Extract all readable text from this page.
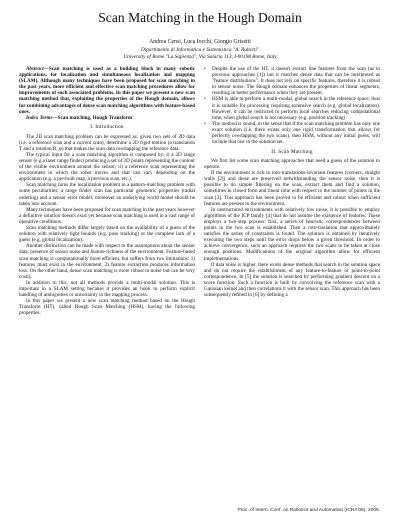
Scan Matching in the Hough Domain
Andrea Censi, Luca Iocchi, Giorgio Grisetti
Dipartimento di Informatica e Sistemistica "A. Ruberti"
University of Rome "La Sapienza", Via Salaria 113, I-00198 Rome, Italy

Abstract—Scan matching is used as a building block in many robotic applications, for localization and simultaneous localization and mapping (SLAM). Although many techniques have been proposed for scan matching in the past years, more efficient and effective scan matching procedures allow for improvements of such associated problems. In this paper we present a new scan matching method that, exploiting the properties of the Hough domain, allows for combining advantages of dense scan matching algorithms with feature-based ones.

Index Terms—Scan matching, Hough Transform

I. Introduction

The 2D scan matching problem can be expressed as: given two sets of 2D data (i.e. a reference scan and a current scan), determine a 2D rigid motion (a translation T and a rotation R_φ) that makes the scan data overlapping the reference data.

The typical input for a scan matching algorithm is composed by: i) a 2D range sensor (e.g a laser range finder) producing a set of 2D points representing the contour of the visible environment around the sensor; ii) a reference scan representing the environment in which the robot moves and that can vary depending on the application (e.g. a pre-built map, a previous scan, etc.).

Scan matching turns the localization problem in a pattern-matching problem with some peculiarities: a range finder scan has particular geometric properties (radial ordering) and a sensor error model; moreover an underlying world model should be taken into account.

Many techniques have been proposed for scan matching in the past years however a definitive solution doesn't exist yet because scan matching is used in a vast range of operative conditions.

Scan matching methods differ largely based on the availability of a guess of the solution with relatively tight bounds (e.g. pose tracking) or the complete lack of a guess (e.g. global localization).

Another distinction can be made with respect to the assumptions about the sensor data: presence of sensor noise and feature-richness of the environment. Feature-based scan matching is computationally more efficient, but suffers from two limitations: 1) features must exist in the environment, 2) feature extraction produces information loss. On the other hand, dense scan matching is more robust to noise but can be very costly.

In addition to this, not all methods provide a multi-modal solution. This is important in a SLAM setting because it provides an hook to perform explicit handling of ambiguities or uncertainty in the mapping process.

In this paper we present a new scan matching method based on the Hough Transform (HT), called Hough Scan Matching (HSM), having the following properties.

• Despite the use of the HT, it doesn't extract line features from the scan (as in previous approaches [1]) but it matches dense data that can be interpreted as "feature distributions". It does not rely on specific features, therefore it is robust to sensor noise. The Hough domain enhances the properties of linear segments, resulting in better performance when they are present.
• HSM is able to perform a multi-modal, global search in the reference space, thus it is suitable for processing requiring extensive search (e.g. global localization). However, it can be restricted to perform local searches reducing computational time, when global search is not necessary (e.g. position tracking).
• The method is sound, in the sense that if the scan matching problem has only one exact solution (i.e. there exists only one rigid transformation that allows for perfectly overlapping the two scans), then HSM, without any initial guess, will include that one in the solution set.
II. Scan Matching

We first list some scan matching approaches that need a guess of the solution to operate.

If the environment is rich in roto-translations-invariant features (corners, straight walls [2]) and these are preserved notwithstanding the sensor noise, then it is possible to do simple filtering on the scan, extract them and find a solution, sometimes in closed form and linear time with respect to the number of points in the scan [3]. This approach has been proved to be efficient and robust when sufficient features are present in the environment.

In unstructured environments with relatively low noise, it is possible to employ algorithms of the ICP family [4] that do not assume the existence of features. These employs a two-step process: first, a series of heuristic correspondences between points in the two scan is established. Then a roto-traslation that approximately satisfies the series of constraints is found. The solution is obtained by iteratively executing the two steps until the error drops below a given threshold. In order to achieve convergence, such an approach requires the two scans to be taken at close enough positions. Modifications of the original algorithm allow for efficient implementations.

If data noise is higher, there exists dense methods that search in the solution space and do not require the establishment of any feature-to-feature or point-to-point correspondence. In [5] the solution is searched by performing gradient descent on a score function. Such a function is built by convolving the reference scan with a Gaussian kernel and then correlations it with the sensor scan. This approach has been subsequently refined in [6] by defining a

Proc. of Intern. Conf. on Robotics and Automation (ICRA'05), 2005.
